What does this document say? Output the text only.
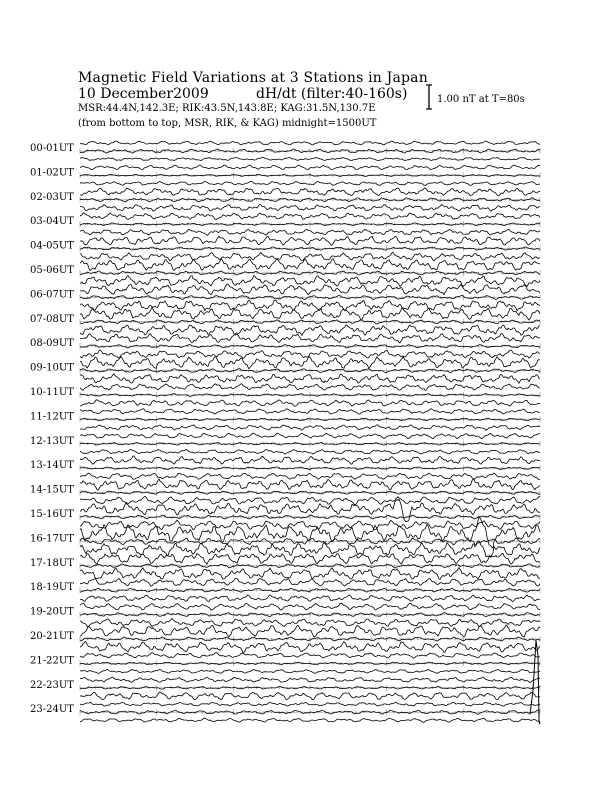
Magnetic Field Variations at 3 Stations in Japan
10 December2009	dH/dt (filter:40-160s)
MSR:44.4N,142.3E; RIK:43.5N,143.8E; KAG:31.5N,130.7E
(from bottom to top, MSR, RIK, & KAG) midnight=1500UT
1.00 nT at T=80s
00-01UT
01-02UT
02-03UT
03-04UT
04-05UT
05-06UT
06-07UT
07-08UT
08-09UT
09-10UT
10-11UT
11-12UT
12-13UT
13-14UT
14-15UT
15-16UT
16-17UT
17-18UT
18-19UT
19-20UT
20-21UT
21-22UT
22-23UT
23-24UT
